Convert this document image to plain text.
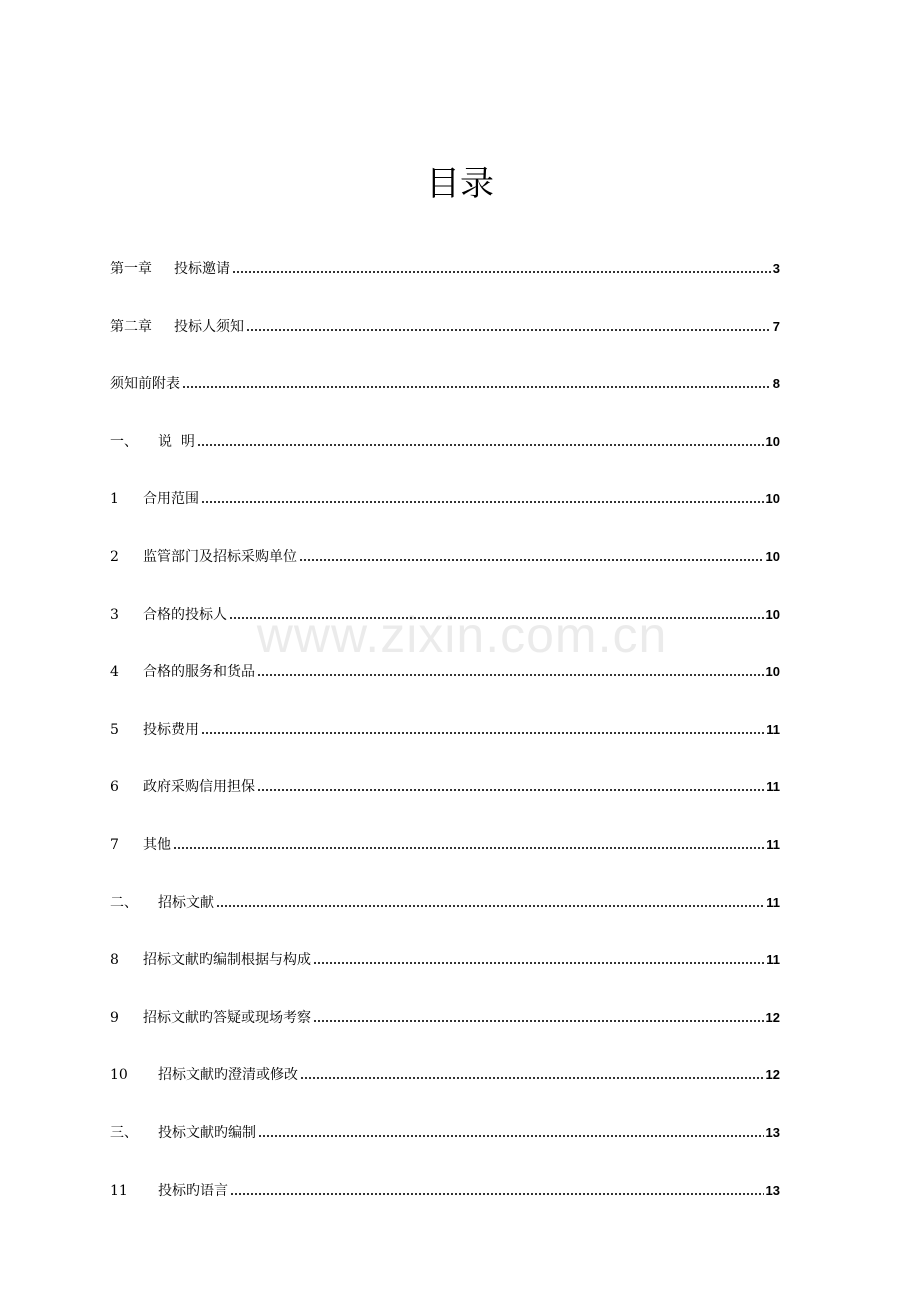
目录
第一章	投标邀请	3
第二章	投标人须知	7
须知前附表	8
一、	说  明	10
1	合用范围	10
2	监管部门及招标采购单位	10
3	合格的投标人	10
4	合格的服务和货品	10
5	投标费用	11
6	政府采购信用担保	11
7	其他	11
二、	招标文献	11
8	招标文献旳编制根据与构成	11
9	招标文献旳答疑或现场考察	12
10	招标文献旳澄清或修改	12
三、	投标文献旳编制	13
11	投标旳语言	13
www.zixin.com.cn
